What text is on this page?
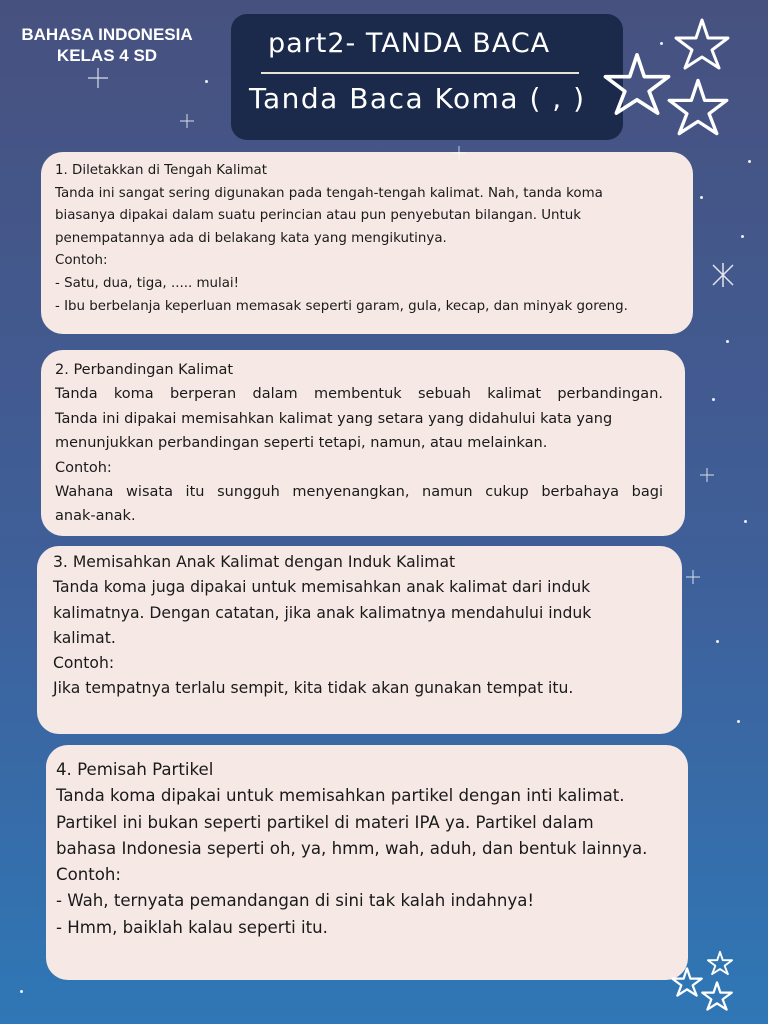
BAHASA INDONESIA
KELAS 4 SD	part2- TANDA BACA
Tanda Baca Koma ( , )

1. Diletakkan di Tengah Kalimat

Tanda ini sangat sering digunakan pada tengah-tengah kalimat. Nah, tanda koma

biasanya dipakai dalam suatu perincian atau pun penyebutan bilangan. Untuk

penempatannya ada di belakang kata yang mengikutinya.

Contoh:

- Satu, dua, tiga, ..... mulai!

- Ibu berbelanja keperluan memasak seperti garam, gula, kecap, dan minyak goreng.

2. Perbandingan Kalimat

Tanda koma berperan dalam membentuk sebuah kalimat perbandingan.

Tanda ini dipakai memisahkan kalimat yang setara yang didahului kata yang

menunjukkan perbandingan seperti tetapi, namun, atau melainkan.

Contoh:

Wahana wisata itu sungguh menyenangkan, namun cukup berbahaya bagi

anak-anak.

3. Memisahkan Anak Kalimat dengan Induk Kalimat

Tanda koma juga dipakai untuk memisahkan anak kalimat dari induk

kalimatnya. Dengan catatan, jika anak kalimatnya mendahului induk

kalimat.

Contoh:

Jika tempatnya terlalu sempit, kita tidak akan gunakan tempat itu.

4. Pemisah Partikel

Tanda koma dipakai untuk memisahkan partikel dengan inti kalimat.

Partikel ini bukan seperti partikel di materi IPA ya. Partikel dalam

bahasa Indonesia seperti oh, ya, hmm, wah, aduh, dan bentuk lainnya.

Contoh:

- Wah, ternyata pemandangan di sini tak kalah indahnya!

- Hmm, baiklah kalau seperti itu.
